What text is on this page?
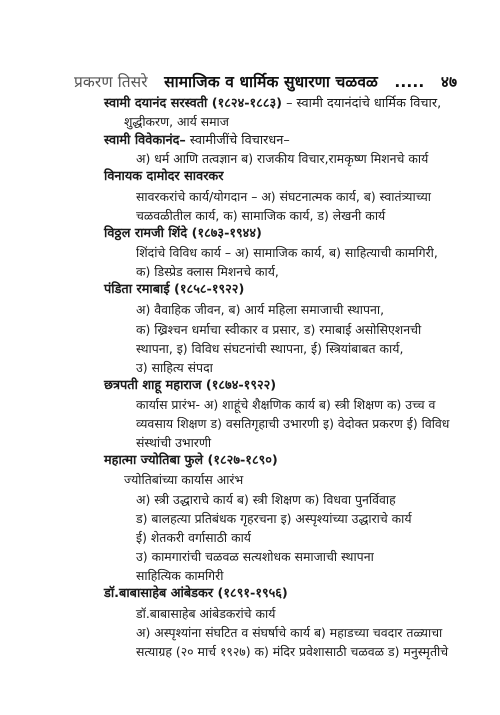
प्रकरण तिसरे सामाजिक व धार्मिक सुधारणा चळवळ ..... ४७
स्वामी दयानंद सरस्वती (१८२४-१८८३) – स्वामी दयानंदांचे धार्मिक विचार,
शुद्धीकरण, आर्य समाज
स्वामी विवेकानंद– स्वामीजींचे विचारधन–
अ) धर्म आणि तत्वज्ञान ब) राजकीय विचार,रामकृष्ण मिशनचे कार्य
विनायक दामोदर सावरकर
सावरकरांचे कार्य/योगदान – अ) संघटनात्मक कार्य, ब) स्वातंत्र्याच्या
चळवळीतील कार्य, क) सामाजिक कार्य, ड) लेखनी कार्य
विठ्ठल रामजी शिंदे (१८७३-१९४४)
शिंदांचे विविध कार्य – अ) सामाजिक कार्य, ब) साहित्याची कामगिरी,
क) डिस्प्रेड क्लास मिशनचे कार्य,
पंडिता रमाबाई (१८५८-१९२२)
अ) वैवाहिक जीवन, ब) आर्य महिला समाजाची स्थापना,
क) ख्रिश्चन धर्माचा स्वीकार व प्रसार, ड) रमाबाई असोसिएशनची
स्थापना, इ) विविध संघटनांची स्थापना, ई) स्त्रियांबाबत कार्य,
उ) साहित्य संपदा
छत्रपती शाहू महाराज (१८७४-१९२२)
कार्यास प्रारंभ- अ) शाहूंचे शैक्षणिक कार्य ब) स्त्री शिक्षण क) उच्च व
व्यवसाय शिक्षण ड) वसतिगृहाची उभारणी इ) वेदोक्त प्रकरण ई) विविध
संस्थांची उभारणी
महात्मा ज्योतिबा फुले (१८२७-१८९०)
ज्योतिबांच्या कार्यास आरंभ
अ) स्त्री उद्धाराचे कार्य ब) स्त्री शिक्षण क) विधवा पुनर्विवाह
ड) बालहत्या प्रतिबंधक गृहरचना इ) अस्पृश्यांच्या उद्धाराचे कार्य
ई) शेतकरी वर्गासाठी कार्य
उ) कामगारांची चळवळ सत्यशोधक समाजाची स्थापना
साहित्यिक कामगिरी
डॉ.बाबासाहेब आंबेडकर (१८९१-१९५६)
डॉ.बाबासाहेब आंबेडकरांचे कार्य
अ) अस्पृश्यांना संघटित व संघर्षाचे कार्य ब) महाडच्या चवदार तळ्याचा
सत्याग्रह (२० मार्च १९२७) क) मंदिर प्रवेशासाठी चळवळ ड) मनुस्मृतीचे
